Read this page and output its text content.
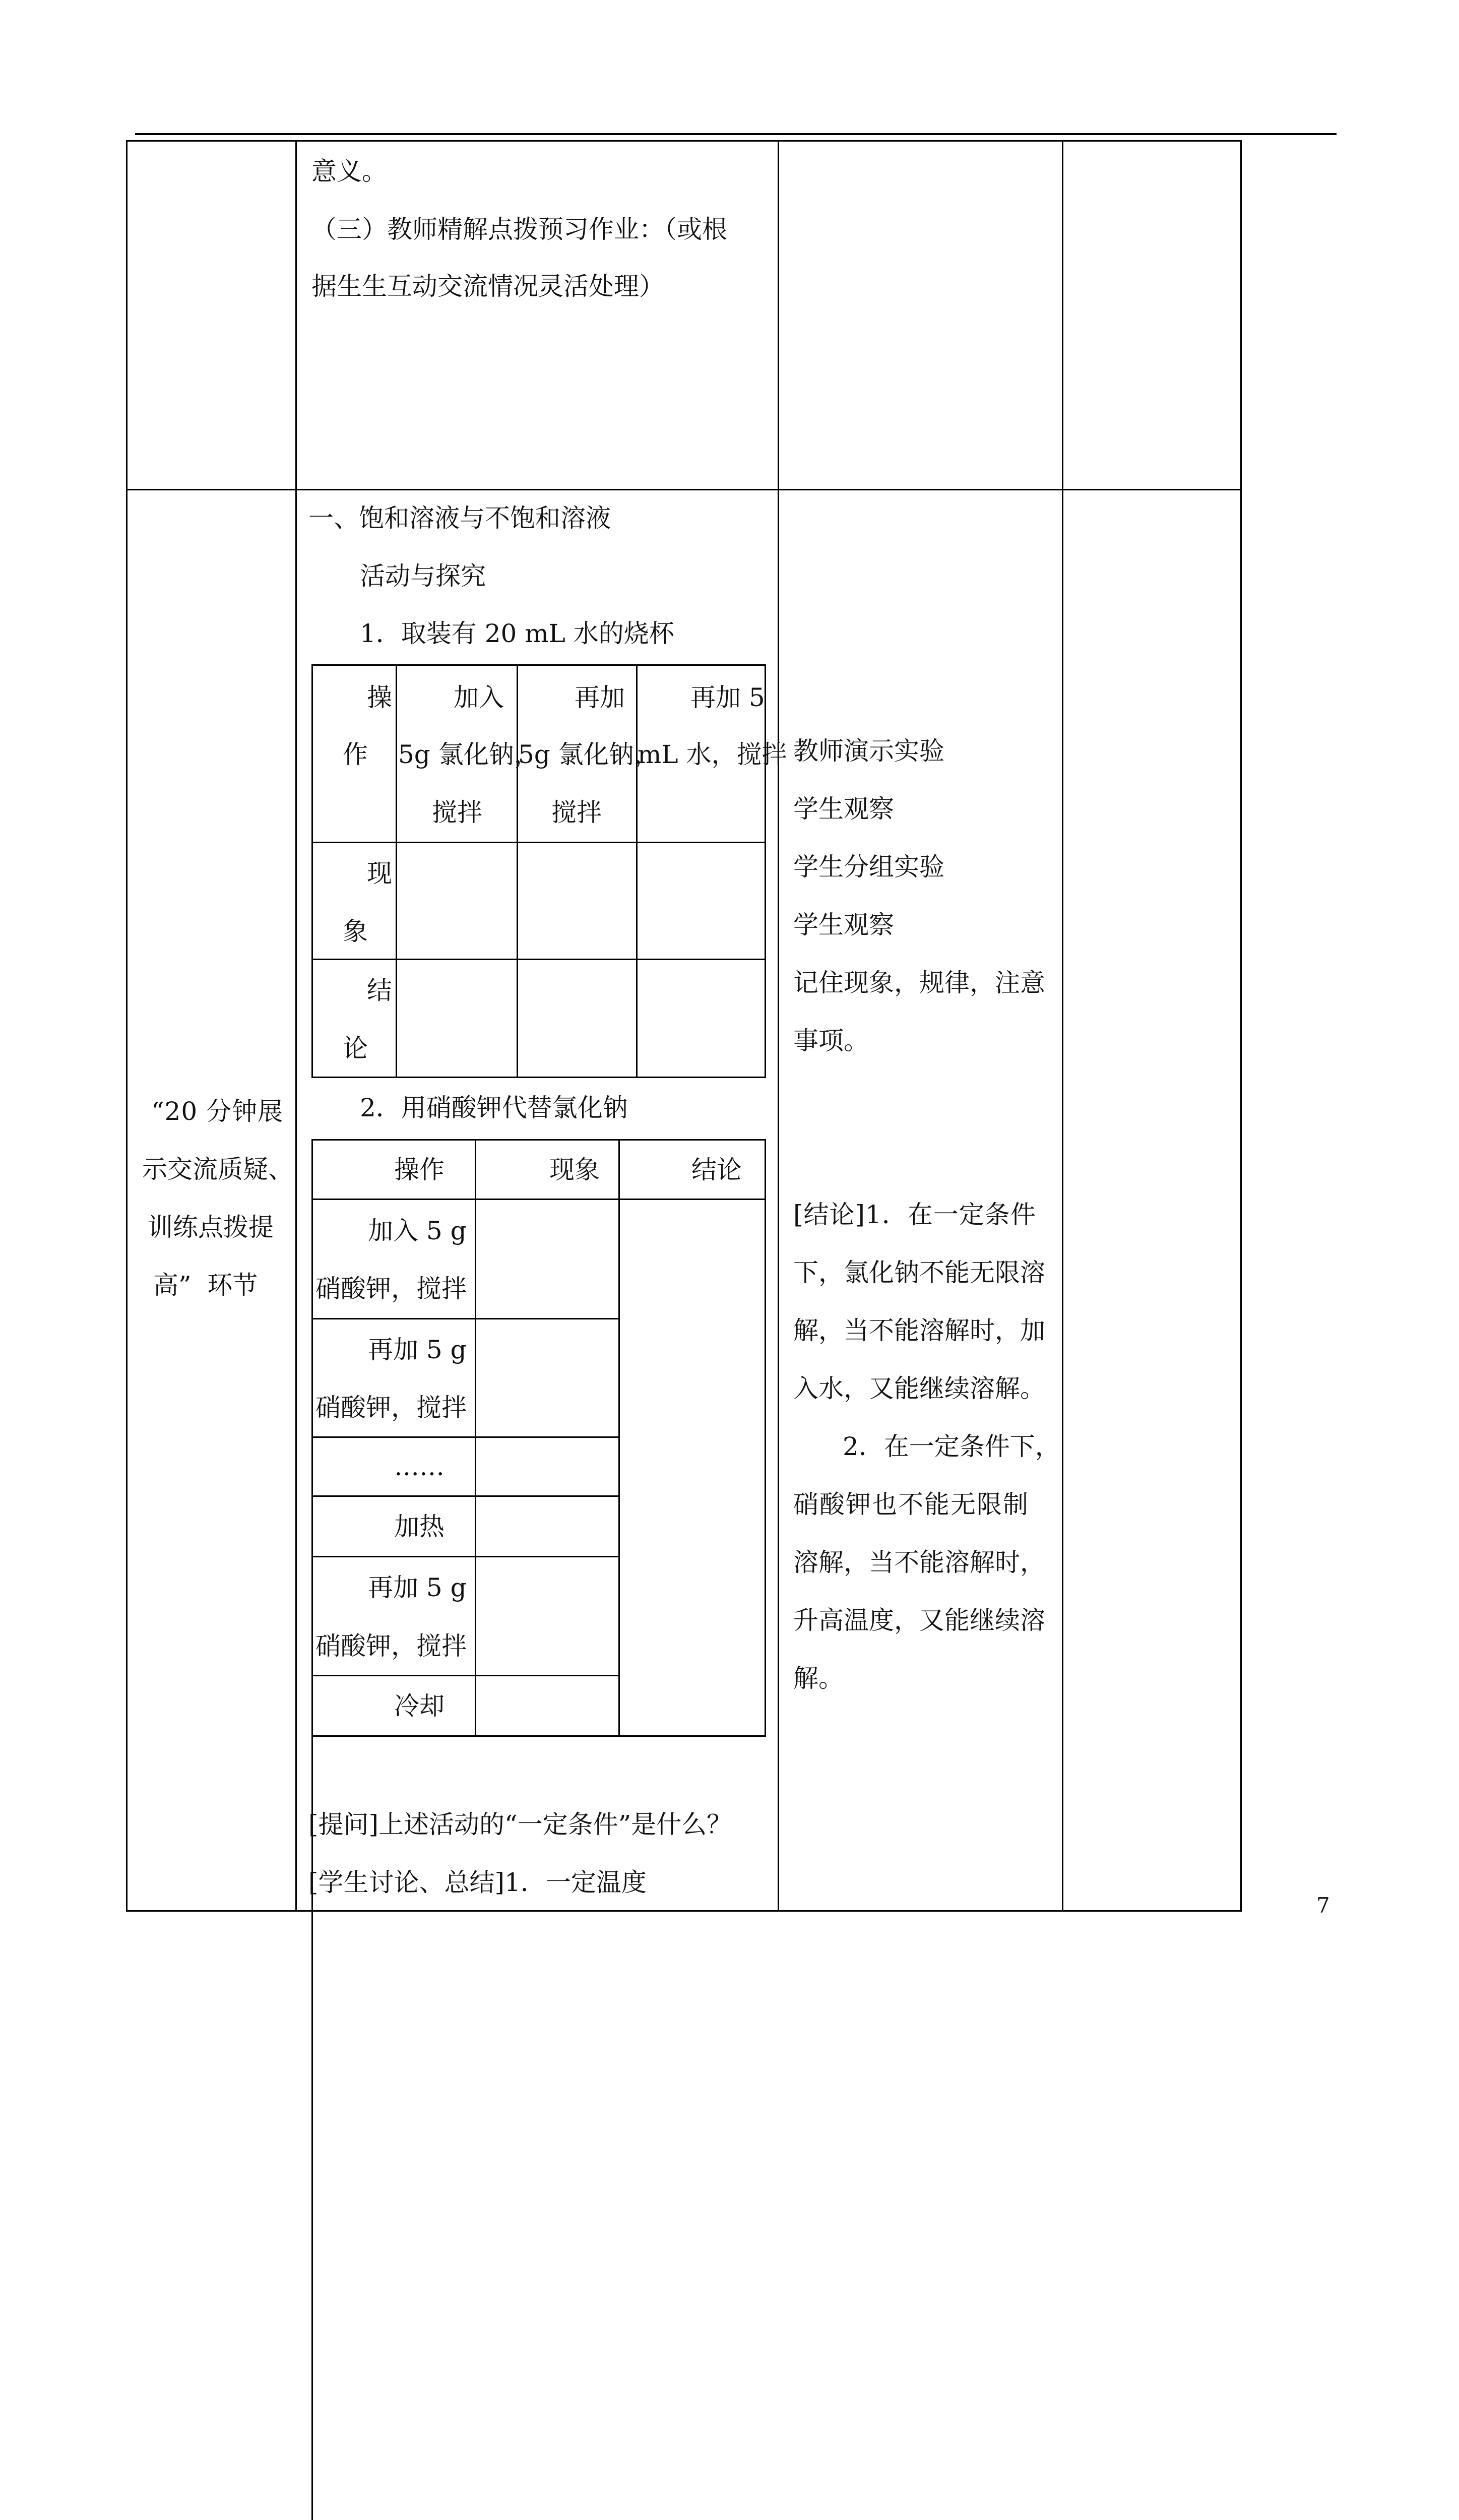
意义。
（三）教师精解点拨预习作业：（或根
据生生互动交流情况灵活处理）
“20 分钟展
示交流质疑、
训练点拨提
高”  环节
一、饱和溶液与不饱和溶液
活动与探究
1．取装有 20 mL 水的烧杯
操
作
加入
5g 氯化钠，
搅拌
再加
5g 氯化钠，
搅拌
再加 5
mL 水，搅拌
现
象
结
论
2．用硝酸钾代替氯化钠
操作	现象	结论
加入 5 g
硝酸钾，搅拌
再加 5 g
硝酸钾，搅拌
……
加热
再加 5 g
硝酸钾，搅拌
冷却
[提问]上述活动的“一定条件”是什么？
[学生讨论、总结]1．一定温度
教师演示实验
学生观察
学生分组实验
学生观察
记住现象，规律，注意
事项。
[结论]1．在一定条件
下，氯化钠不能无限溶
解，当不能溶解时，加
入水，又能继续溶解。
2．在一定条件下，
硝酸钾也不能无限制
溶解，当不能溶解时，
升高温度，又能继续溶
解。
7
